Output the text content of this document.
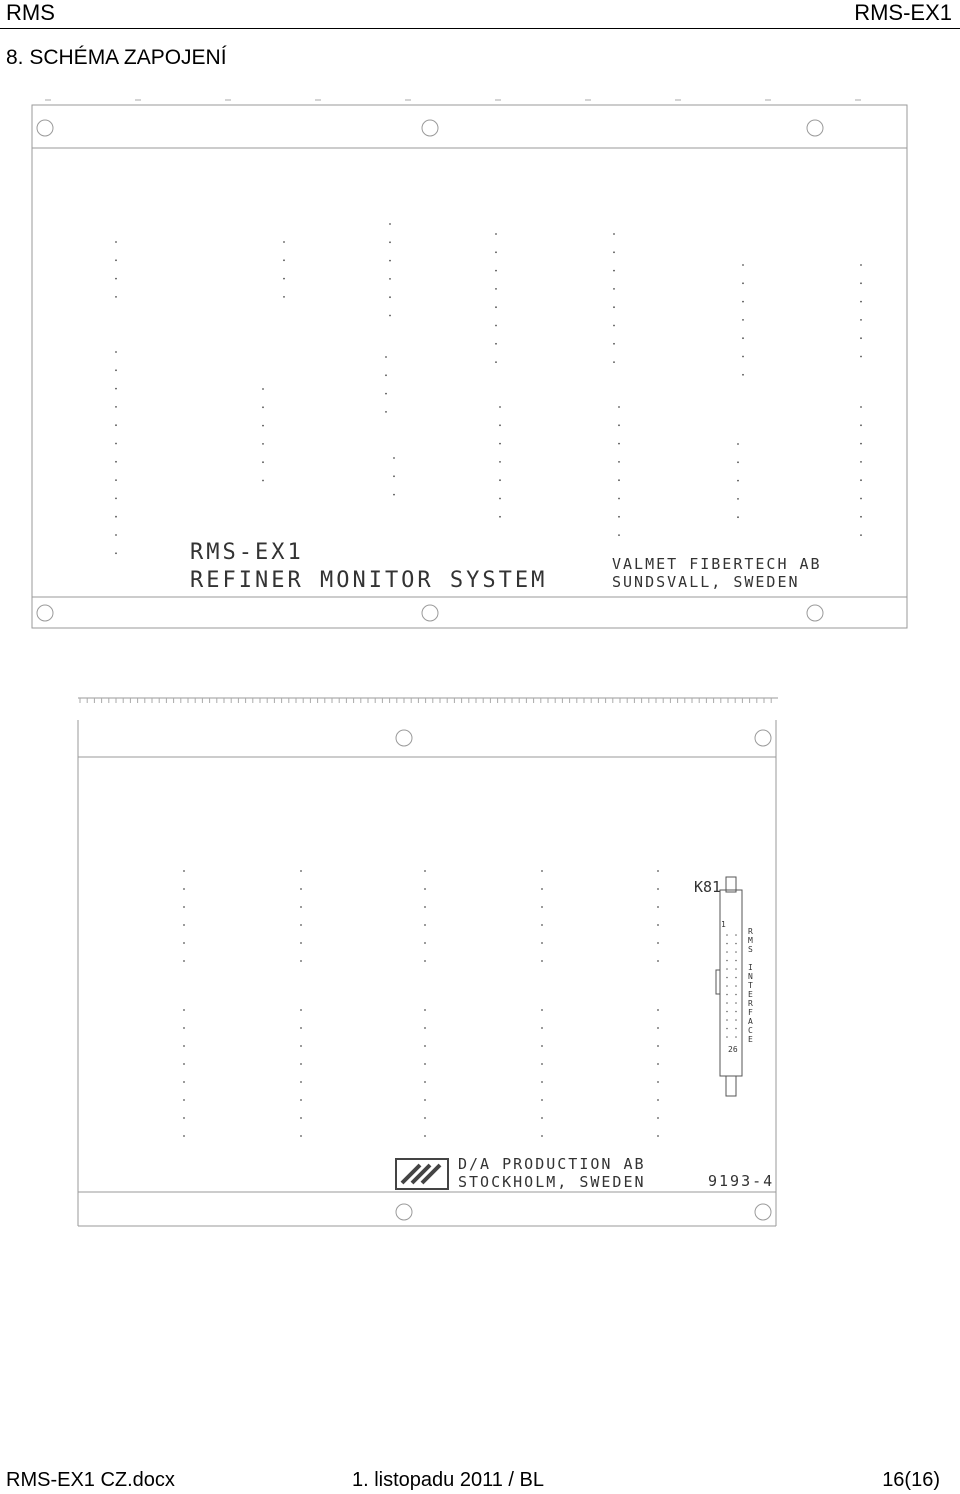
RMS	RMS-EX1
8. SCHÉMA ZAPOJENÍ
RMS-EX1
REFINER MONITOR SYSTEM
VALMET FIBERTECH AB
SUNDSVALL, SWEDEN
K81
1
26
R M S I N T E R F A C E
D/A PRODUCTION AB
STOCKHOLM, SWEDEN	9193-4
RMS-EX1 CZ.docx	1. listopadu 2011 / BL	16(16)
